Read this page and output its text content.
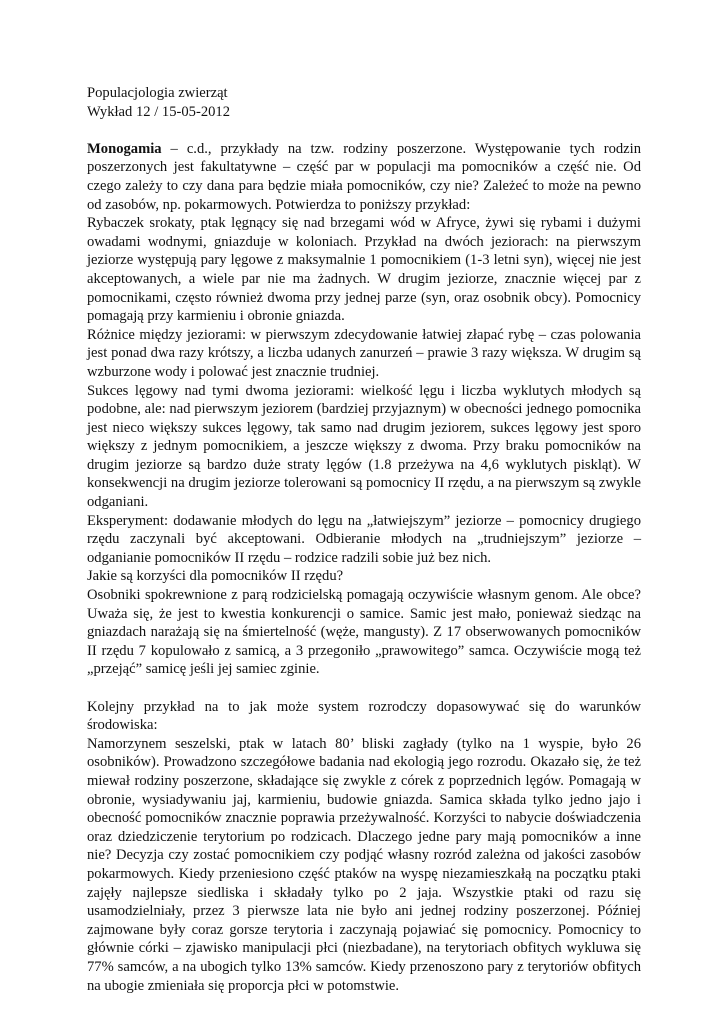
Populacjologia zwierząt
Wykład 12 / 15-05-2012
Monogamia – c.d., przykłady na tzw. rodziny poszerzone. Występowanie tych rodzin poszerzonych jest fakultatywne – część par w populacji ma pomocników a część nie. Od czego zależy to czy dana para będzie miała pomocników, czy nie? Zależeć to może na pewno od zasobów, np. pokarmowych. Potwierdza to poniższy przykład:
Rybaczek srokaty, ptak lęgnący się nad brzegami wód w Afryce, żywi się rybami i dużymi owadami wodnymi, gniazduje w koloniach. Przykład na dwóch jeziorach: na pierwszym jeziorze występują pary lęgowe z maksymalnie 1 pomocnikiem (1-3 letni syn), więcej nie jest akceptowanych, a wiele par nie ma żadnych. W drugim jeziorze, znacznie więcej par z pomocnikami, często również dwoma przy jednej parze (syn, oraz osobnik obcy). Pomocnicy pomagają przy karmieniu i obronie gniazda.
Różnice między jeziorami: w pierwszym zdecydowanie łatwiej złapać rybę – czas polowania jest ponad dwa razy krótszy, a liczba udanych zanurzeń – prawie 3 razy większa. W drugim są wzburzone wody i polować jest znacznie trudniej.
Sukces lęgowy nad tymi dwoma jeziorami: wielkość lęgu i liczba wyklutych młodych są podobne, ale: nad pierwszym jeziorem (bardziej przyjaznym) w obecności jednego pomocnika jest nieco większy sukces lęgowy, tak samo nad drugim jeziorem, sukces lęgowy jest sporo większy z jednym pomocnikiem, a jeszcze większy z dwoma. Przy braku pomocników na drugim jeziorze są bardzo duże straty lęgów (1.8 przeżywa na 4,6 wyklutych piskląt). W konsekwencji na drugim jeziorze tolerowani są pomocnicy II rzędu, a na pierwszym są zwykle odganiani.
Eksperyment: dodawanie młodych do lęgu na „łatwiejszym” jeziorze – pomocnicy drugiego rzędu zaczynali być akceptowani. Odbieranie młodych na „trudniejszym” jeziorze – odganianie pomocników II rzędu – rodzice radzili sobie już bez nich.
Jakie są korzyści dla pomocników II rzędu?
Osobniki spokrewnione z parą rodzicielską pomagają oczywiście własnym genom. Ale obce? Uważa się, że jest to kwestia konkurencji o samice. Samic jest mało, ponieważ siedząc na gniazdach narażają się na śmiertelność (węże, mangusty). Z 17 obserwowanych pomocników II rzędu 7 kopulowało z samicą, a 3 przegoniło „prawowitego” samca. Oczywiście mogą też „przejąć” samicę jeśli jej samiec zginie.
Kolejny przykład na to jak może system rozrodczy dopasowywać się do warunków środowiska:
Namorzynem seszelski, ptak w latach 80’ bliski zagłady (tylko na 1 wyspie, było 26 osobników). Prowadzono szczegółowe badania nad ekologią jego rozrodu. Okazało się, że też miewał rodziny poszerzone, składające się zwykle z córek z poprzednich lęgów. Pomagają w obronie, wysiadywaniu jaj, karmieniu, budowie gniazda. Samica składa tylko jedno jajo i obecność pomocników znacznie poprawia przeżywalność. Korzyści to nabycie doświadczenia oraz dziedziczenie terytorium po rodzicach. Dlaczego jedne pary mają pomocników a inne nie? Decyzja czy zostać pomocnikiem czy podjąć własny rozród zależna od jakości zasobów pokarmowych. Kiedy przeniesiono część ptaków na wyspę niezamieszkałą na początku ptaki zajęły najlepsze siedliska i składały tylko po 2 jaja. Wszystkie ptaki od razu się usamodzielniały, przez 3 pierwsze lata nie było ani jednej rodziny poszerzonej. Później zajmowane były coraz gorsze terytoria i zaczynają pojawiać się pomocnicy. Pomocnicy to głównie córki – zjawisko manipulacji płci (niezbadane), na terytoriach obfitych wykluwa się 77% samców, a na ubogich tylko 13% samców. Kiedy przenoszono pary z terytoriów obfitych na ubogie zmieniała się proporcja płci w potomstwie.
